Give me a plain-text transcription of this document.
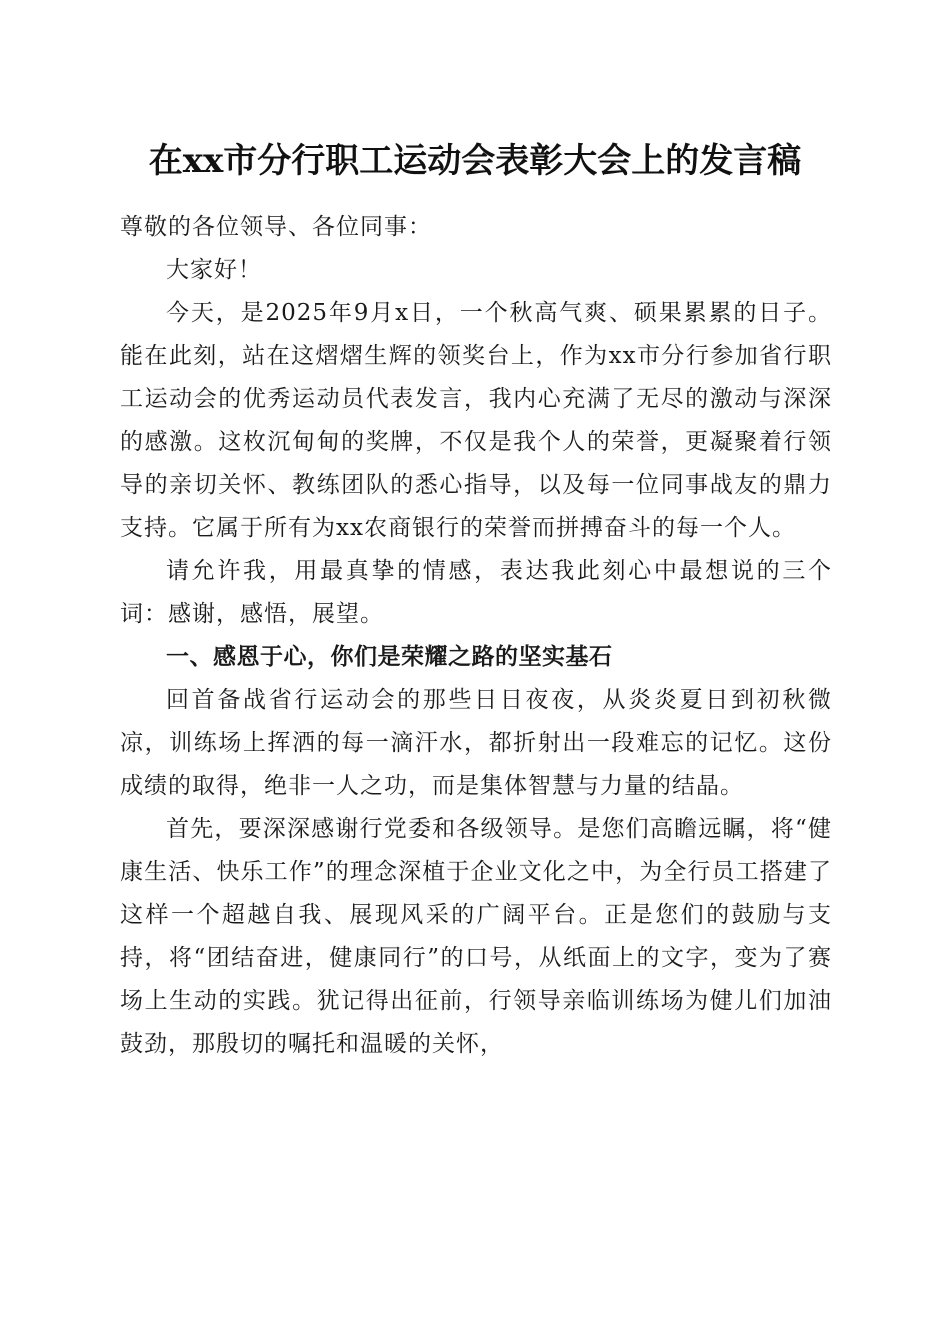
在xx市分行职工运动会表彰大会上的发言稿

尊敬的各位领导、各位同事：

大家好！

今天，是2025年9月x日，一个秋高气爽、硕果累累的日子。能在此刻，站在这熠熠生辉的领奖台上，作为xx市分行参加省行职工运动会的优秀运动员代表发言，我内心充满了无尽的激动与深深的感激。这枚沉甸甸的奖牌，不仅是我个人的荣誉，更凝聚着行领导的亲切关怀、教练团队的悉心指导，以及每一位同事战友的鼎力支持。它属于所有为xx农商银行的荣誉而拼搏奋斗的每一个人。

请允许我，用最真挚的情感，表达我此刻心中最想说的三个词：感谢，感悟，展望。

一、感恩于心，你们是荣耀之路的坚实基石

回首备战省行运动会的那些日日夜夜，从炎炎夏日到初秋微凉，训练场上挥洒的每一滴汗水，都折射出一段难忘的记忆。这份成绩的取得，绝非一人之功，而是集体智慧与力量的结晶。

首先，要深深感谢行党委和各级领导。是您们高瞻远瞩，将“健康生活、快乐工作”的理念深植于企业文化之中，为全行员工搭建了这样一个超越自我、展现风采的广阔平台。正是您们的鼓励与支持，将“团结奋进，健康同行”的口号，从纸面上的文字，变为了赛场上生动的实践。犹记得出征前，行领导亲临训练场为健儿们加油鼓劲，那殷切的嘱托和温暖的关怀，
